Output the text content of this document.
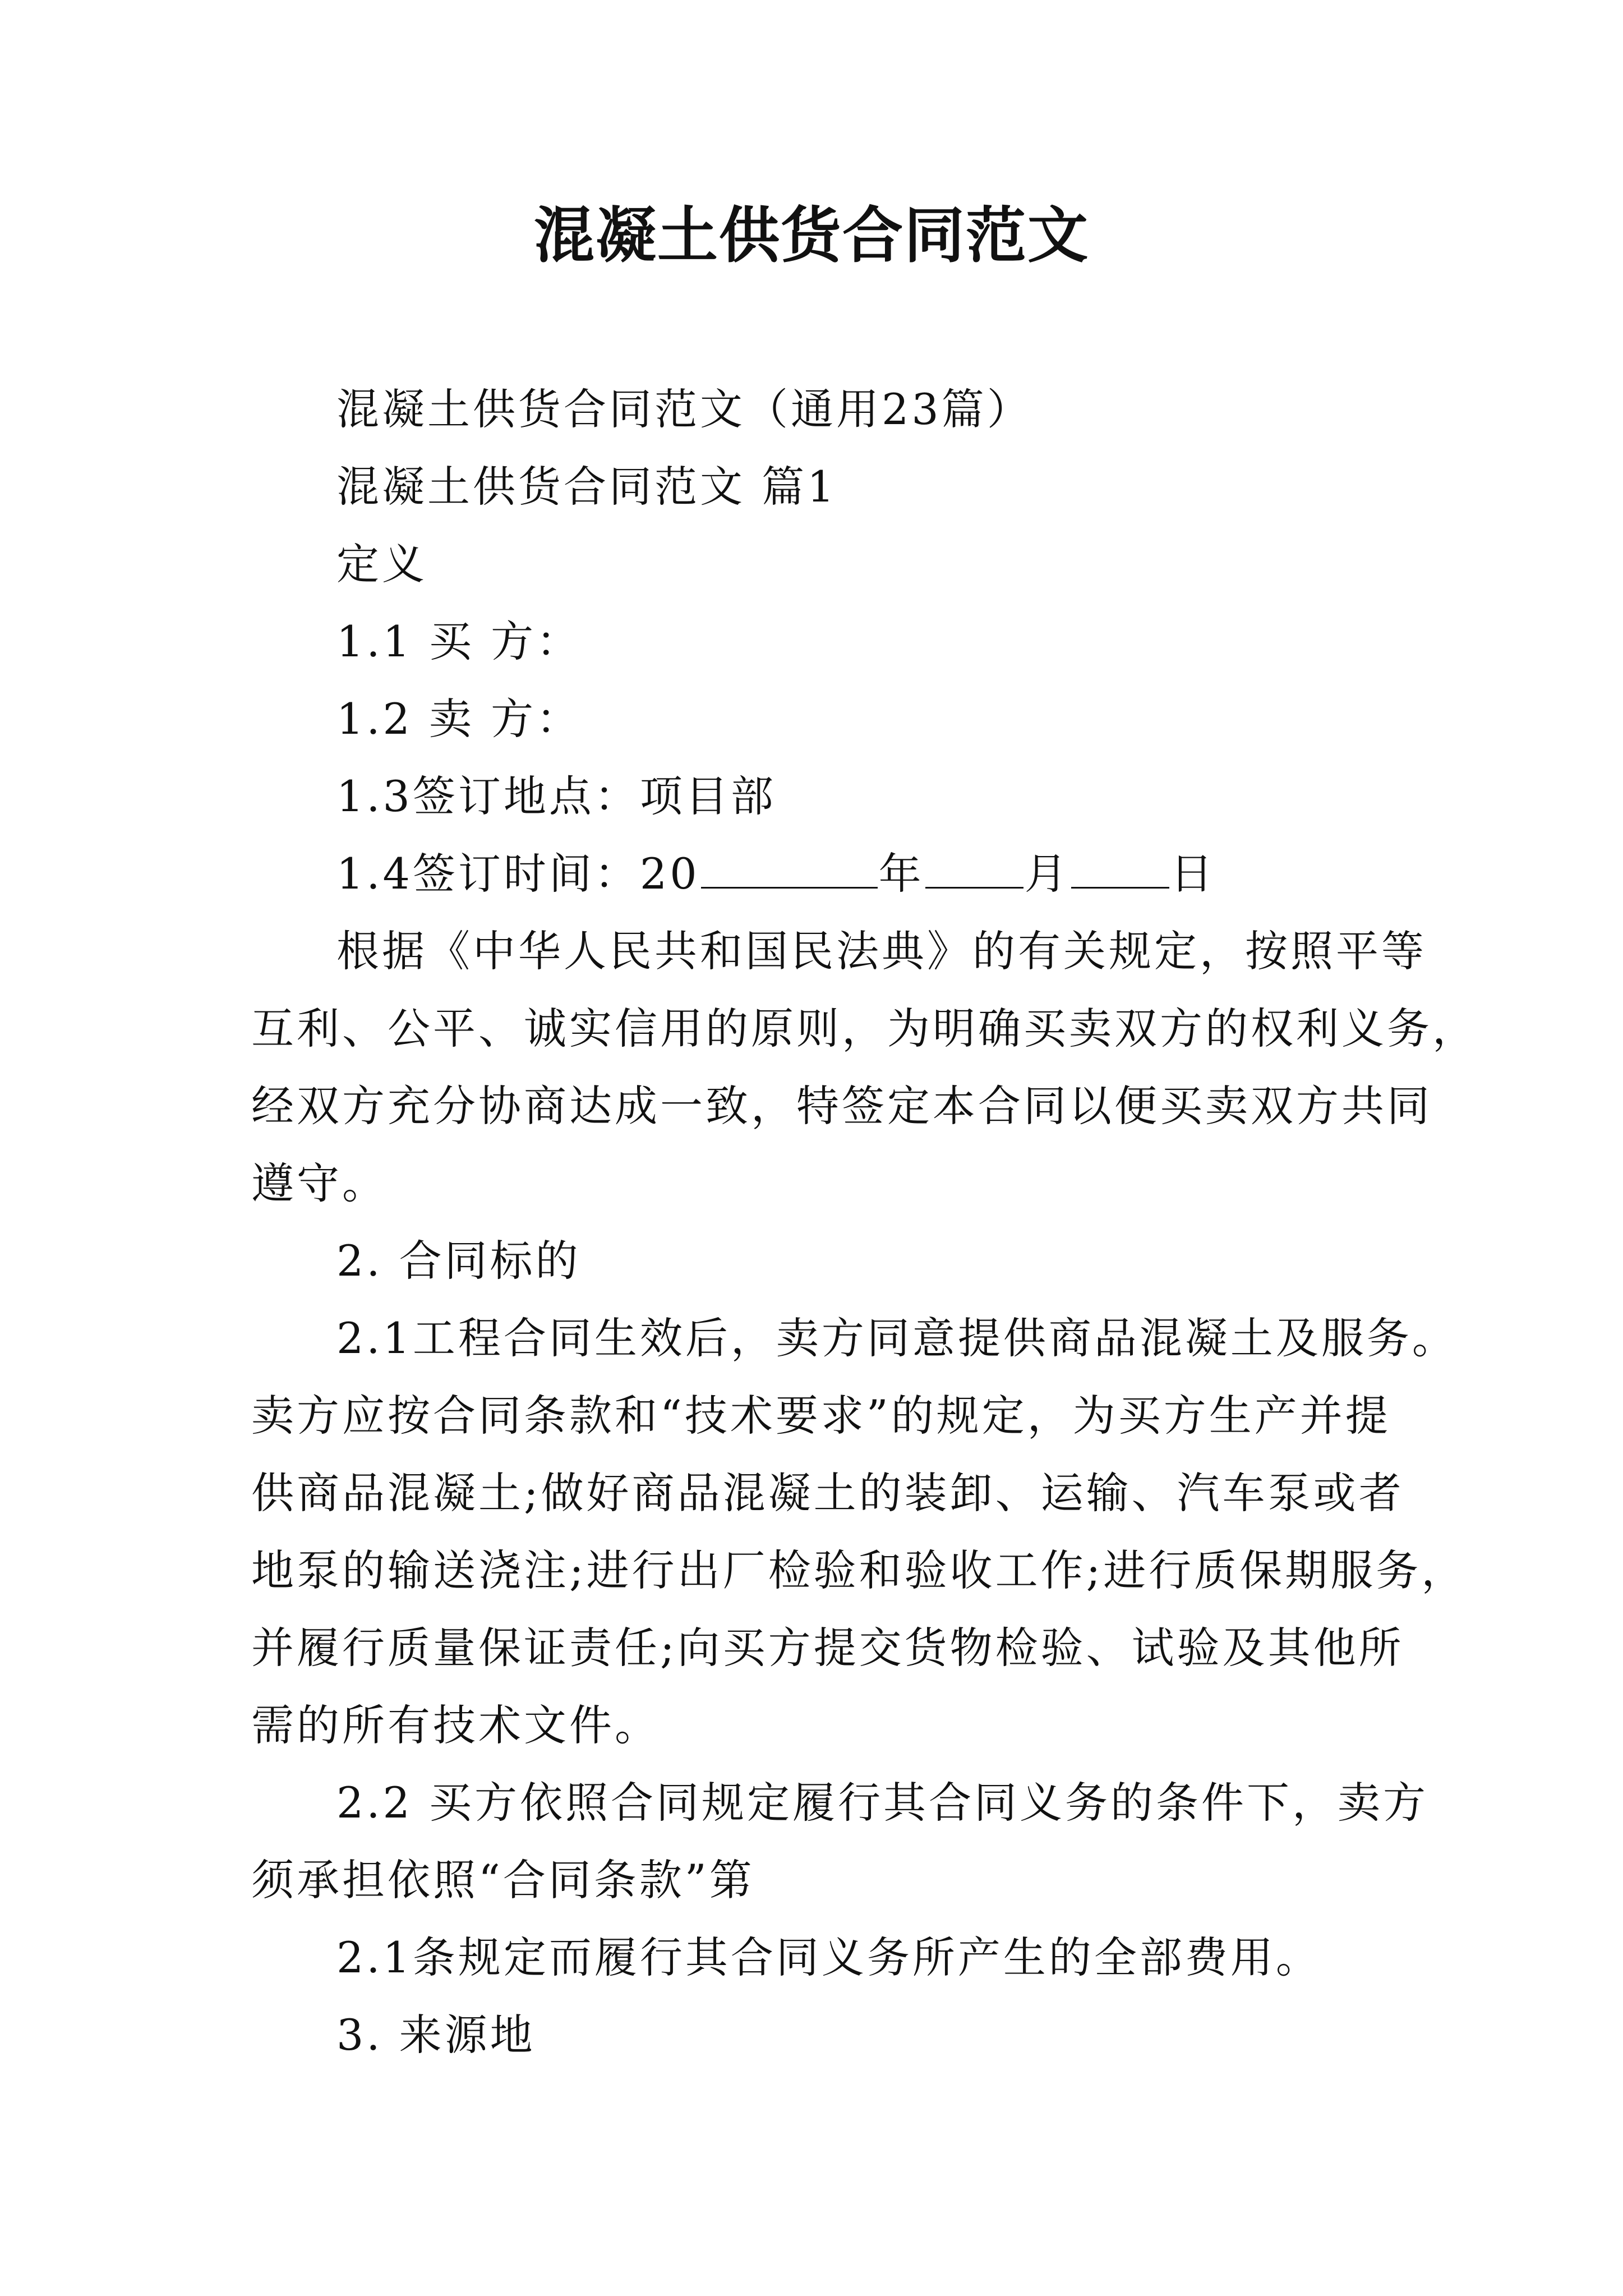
混凝土供货合同范文
混凝土供货合同范文（通用23篇）
混凝土供货合同范文 篇1
定义
1.1 买 方：
1.2 卖 方：
1.3签订地点：项目部
1.4签订时间：20	年 月 日
根据《中华人民共和国民法典》的有关规定，按照平等
互利、公平、诚实信用的原则，为明确买卖双方的权利义务，
经双方充分协商达成一致，特签定本合同以便买卖双方共同
遵守。
2. 合同标的
2.1工程合同生效后，卖方同意提供商品混凝土及服务。
卖方应按合同条款和“技术要求”的规定，为买方生产并提
供商品混凝土;做好商品混凝土的装卸、运输、汽车泵或者
地泵的输送浇注;进行出厂检验和验收工作;进行质保期服务，
并履行质量保证责任;向买方提交货物检验、试验及其他所
需的所有技术文件。
2.2 买方依照合同规定履行其合同义务的条件下，卖方
须承担依照“合同条款”第
2.1条规定而履行其合同义务所产生的全部费用。
3. 来源地
